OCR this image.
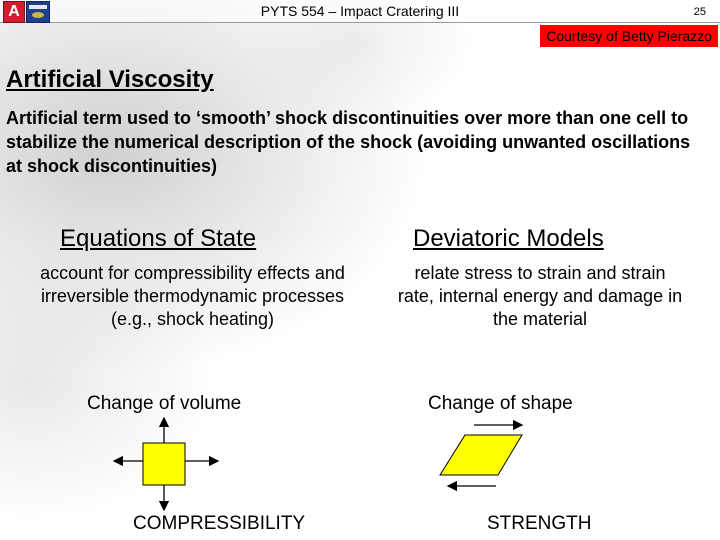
A	PYTS 554 – Impact Cratering III	25
Courtesy of Betty Pierazzo
Artificial Viscosity
Artificial term used to ‘smooth’ shock discontinuities over more than one cell to stabilize the numerical description of the shock (avoiding unwanted oscillations at shock discontinuities)
Equations of State
account for compressibility effects and irreversible thermodynamic processes (e.g., shock heating)
Change of volume
COMPRESSIBILITY
Deviatoric Models
relate stress to strain and strain rate, internal energy and damage in the material
Change of shape
STRENGTH
